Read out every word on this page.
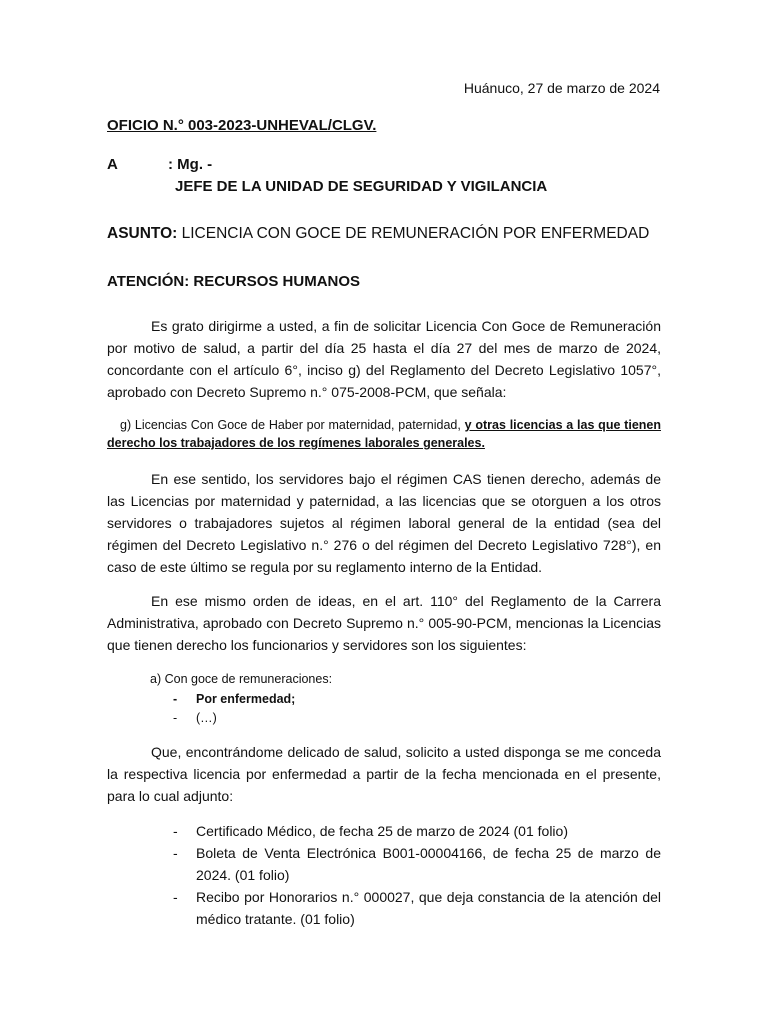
Huánuco, 27 de marzo de 2024
OFICIO N.° 003-2023-UNHEVAL/CLGV.
A	: Mg. -
JEFE DE LA UNIDAD DE SEGURIDAD Y VIGILANCIA
ASUNTO: LICENCIA CON GOCE DE REMUNERACIÓN POR ENFERMEDAD
ATENCIÓN: RECURSOS HUMANOS

Es grato dirigirme a usted, a fin de solicitar Licencia Con Goce de Remuneración por motivo de salud, a partir del día 25 hasta el día 27 del mes de marzo de 2024, concordante con el artículo 6°, inciso g) del Reglamento del Decreto Legislativo 1057°, aprobado con Decreto Supremo n.° 075-2008-PCM, que señala:

g) Licencias Con Goce de Haber por maternidad, paternidad, y otras licencias a las que tienen derecho los trabajadores de los regímenes laborales generales.

En ese sentido, los servidores bajo el régimen CAS tienen derecho, además de las Licencias por maternidad y paternidad, a las licencias que se otorguen a los otros servidores o trabajadores sujetos al régimen laboral general de la entidad (sea del régimen del Decreto Legislativo n.° 276 o del régimen del Decreto Legislativo 728°), en caso de este último se regula por su reglamento interno de la Entidad.

En ese mismo orden de ideas, en el art. 110° del Reglamento de la Carrera Administrativa, aprobado con Decreto Supremo n.° 005-90-PCM, mencionas la Licencias que tienen derecho los funcionarios y servidores son los siguientes:

a) Con goce de remuneraciones:
- Por enfermedad;
- (…)

Que, encontrándome delicado de salud, solicito a usted disponga se me conceda la respectiva licencia por enfermedad a partir de la fecha mencionada en el presente, para lo cual adjunto:

-	Certificado Médico, de fecha 25 de marzo de 2024 (01 folio)
-	Boleta de Venta Electrónica B001-00004166, de fecha 25 de marzo de 2024. (01 folio)
-	Recibo por Honorarios n.° 000027, que deja constancia de la atención del médico tratante. (01 folio)
